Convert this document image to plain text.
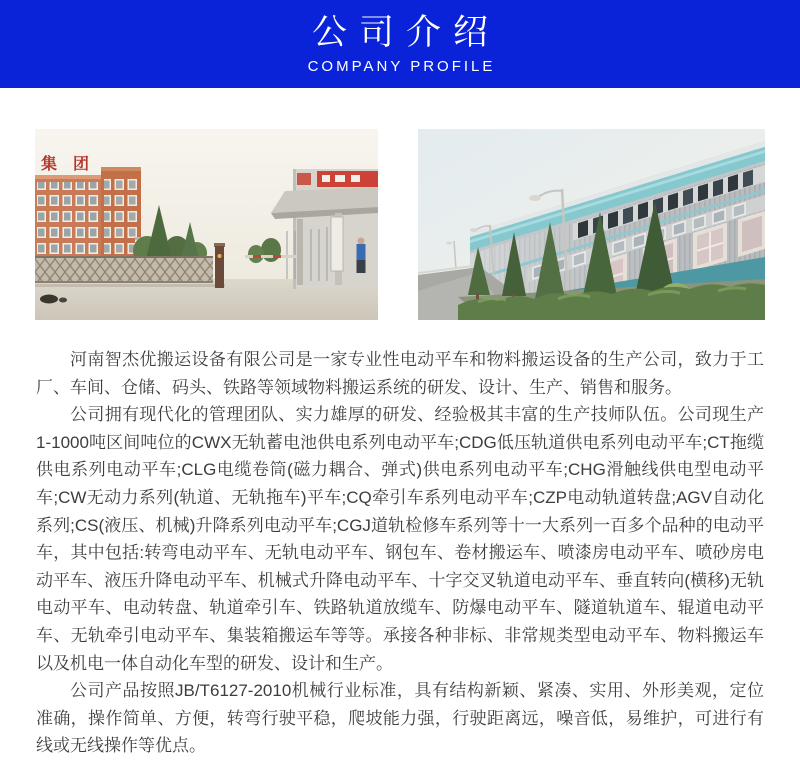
公司介绍
COMPANY PROFILE
集团

河南智杰优搬运设备有限公司是一家专业性电动平车和物料搬运设备的生产公司，致力于工厂、车间、仓储、码头、铁路等领域物料搬运系统的研发、设计、生产、销售和服务。

公司拥有现代化的管理团队、实力雄厚的研发、经验极其丰富的生产技师队伍。公司现生产1-1000吨区间吨位的CWX无轨蓄电池供电系列电动平车;CDG低压轨道供电系列电动平车;CT拖缆供电系列电动平车;CLG电缆卷筒(磁力耦合、弹式)供电系列电动平车;CHG滑触线供电型电动平车;CW无动力系列(轨道、无轨拖车)平车;CQ牵引车系列电动平车;CZP电动轨道转盘;AGV自动化系列;CS(液压、机械)升降系列电动平车;CGJ道轨检修车系列等十一大系列一百多个品种的电动平车，其中包括:转弯电动平车、无轨电动平车、钢包车、卷材搬运车、喷漆房电动平车、喷砂房电动平车、液压升降电动平车、机械式升降电动平车、十字交叉轨道电动平车、垂直转向(横移)无轨电动平车、电动转盘、轨道牵引车、铁路轨道放缆车、防爆电动平车、隧道轨道车、辊道电动平车、无轨牵引电动平车、集装箱搬运车等等。承接各种非标、非常规类型电动平车、物料搬运车以及机电一体自动化车型的研发、设计和生产。

公司产品按照JB/T6127-2010机械行业标准，具有结构新颖、紧凑、实用、外形美观，定位准确，操作简单、方便，转弯行驶平稳，爬坡能力强，行驶距离远，噪音低，易维护，可进行有线或无线操作等优点。
